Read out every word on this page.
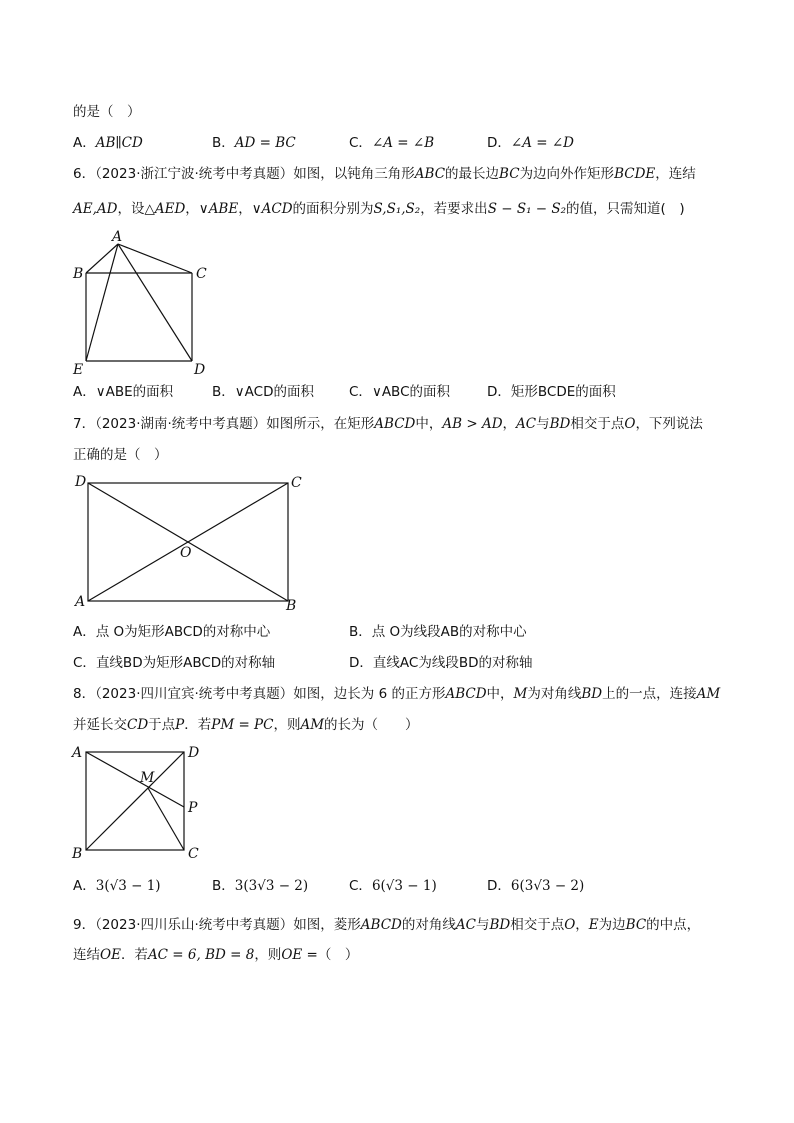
的是（　）
A．AB∥CD	B．AD = BC	C．∠A = ∠B	D．∠A = ∠D
6．（2023·浙江宁波·统考中考真题）如图，以钝角三角形ABC的最长边BC为边向外作矩形BCDE，连结
AE,AD，设△AED，∨ABE，∨ACD的面积分别为S,S₁,S₂，若要求出S − S₁ − S₂的值，只需知道(　)
A
B	C
E	D
A．∨ABE的面积	B．∨ACD的面积	C．∨ABC的面积	D．矩形BCDE的面积
7．（2023·湖南·统考中考真题）如图所示，在矩形ABCD中，AB > AD，AC与BD相交于点O，下列说法
正确的是（　）
D	C
O
A	B
A．点 O为矩形ABCD的对称中心	B．点 O为线段AB的对称中心
C．直线BD为矩形ABCD的对称轴	D．直线AC为线段BD的对称轴
8．（2023·四川宜宾·统考中考真题）如图，边长为 6 的正方形ABCD中，M为对角线BD上的一点，连接AM
并延长交CD于点P．若PM = PC，则AM的长为（　　）
A	D
M
P
B	C
A．3(√3 − 1)	B．3(3√3 − 2)	C．6(√3 − 1)	D．6(3√3 − 2)
9．（2023·四川乐山·统考中考真题）如图，菱形ABCD的对角线AC与BD相交于点O，E为边BC的中点，
连结OE．若AC = 6, BD = 8，则OE =（　）
